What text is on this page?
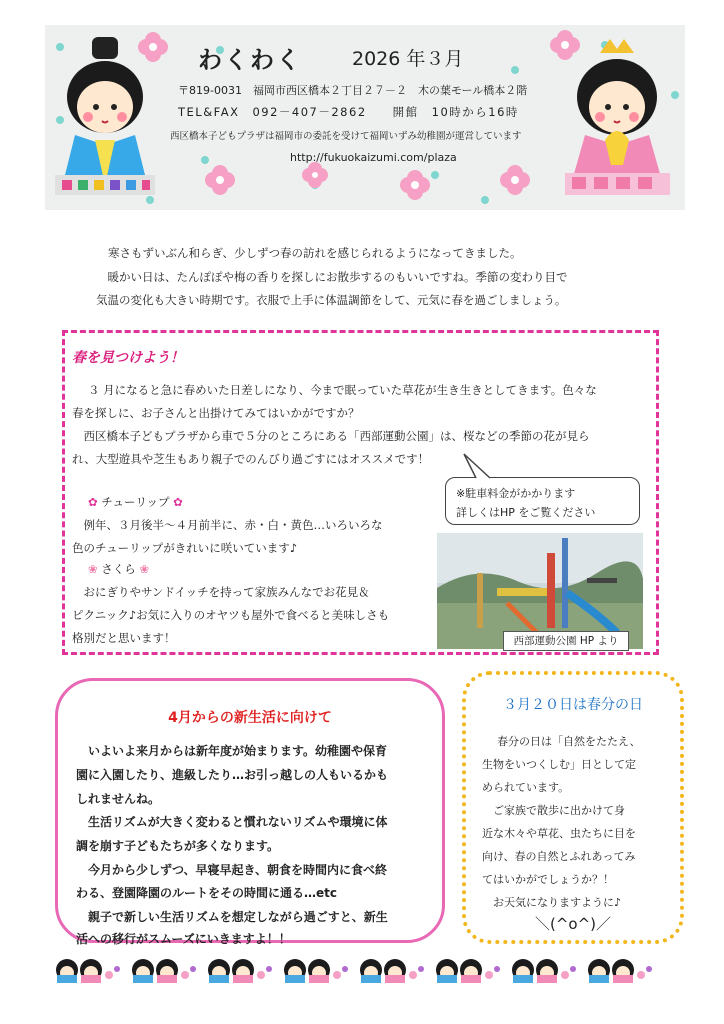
わくわく	2026 年３月
〒819-0031　福岡市西区橋本２丁目２７－２　木の葉モール橋本２階
TEL&FAX　092－407－2862　　開館　10時から16時
西区橋本子どもプラザは福岡市の委託を受けて福岡いずみ幼稚園が運営しています
http://fukuokaizumi.com/plaza
寒さもずいぶん和らぎ、少しずつ春の訪れを感じられるようになってきました。
　暖かい日は、たんぽぽや梅の香りを探しにお散歩するのもいいですね。季節の変わり目で
気温の変化も大きい時期です。衣服で上手に体温調節をして、元気に春を過ごしましょう。
春を見つけよう！
３ 月になると急に春めいた日差しになり、今まで眠っていた草花が生き生きとしてきます。色々な
春を探しに、お子さんと出掛けてみてはいかがですか？
　西区橋本子どもプラザから車で５分のところにある「西部運動公園」は、桜などの季節の花が見ら
れ、大型遊具や芝生もあり親子でのんびり過ごすにはオススメです！
※駐車料金がかかります
詳しくはHP をご覧ください
✿ チューリップ ✿
　例年、３月後半～４月前半に、赤・白・黄色…いろいろな
色のチューリップがきれいに咲いています♪
❀ さくら ❀
　おにぎりやサンドイッチを持って家族みんなでお花見＆
ピクニック♪お気に入りのオヤツも屋外で食べると美味しさも
格別だと思います！	西部運動公園 HP より
4月からの新生活に向けて
　いよいよ来月からは新年度が始まります。幼稚園や保育
園に入園したり、進級したり…お引っ越しの人もいるかも
しれませんね。
　生活リズムが大きく変わると慣れないリズムや環境に体
調を崩す子どもたちが多くなります。
　今月から少しずつ、早寝早起き、朝食を時間内に食べ終
わる、登園降園のルートをその時間に通る…etc
　親子で新しい生活リズムを想定しながら過ごすと、新生
活への移行がスムーズにいきますよ！！
３月２０日は春分の日
春分の日は「自然をたたえ、
生物をいつくしむ」日として定
められています。
　ご家族で散歩に出かけて身
近な木々や草花、虫たちに目を
向け、春の自然とふれあってみ
てはいかがでしょうか？！
　お天気になりますように♪
＼(^o^)／
